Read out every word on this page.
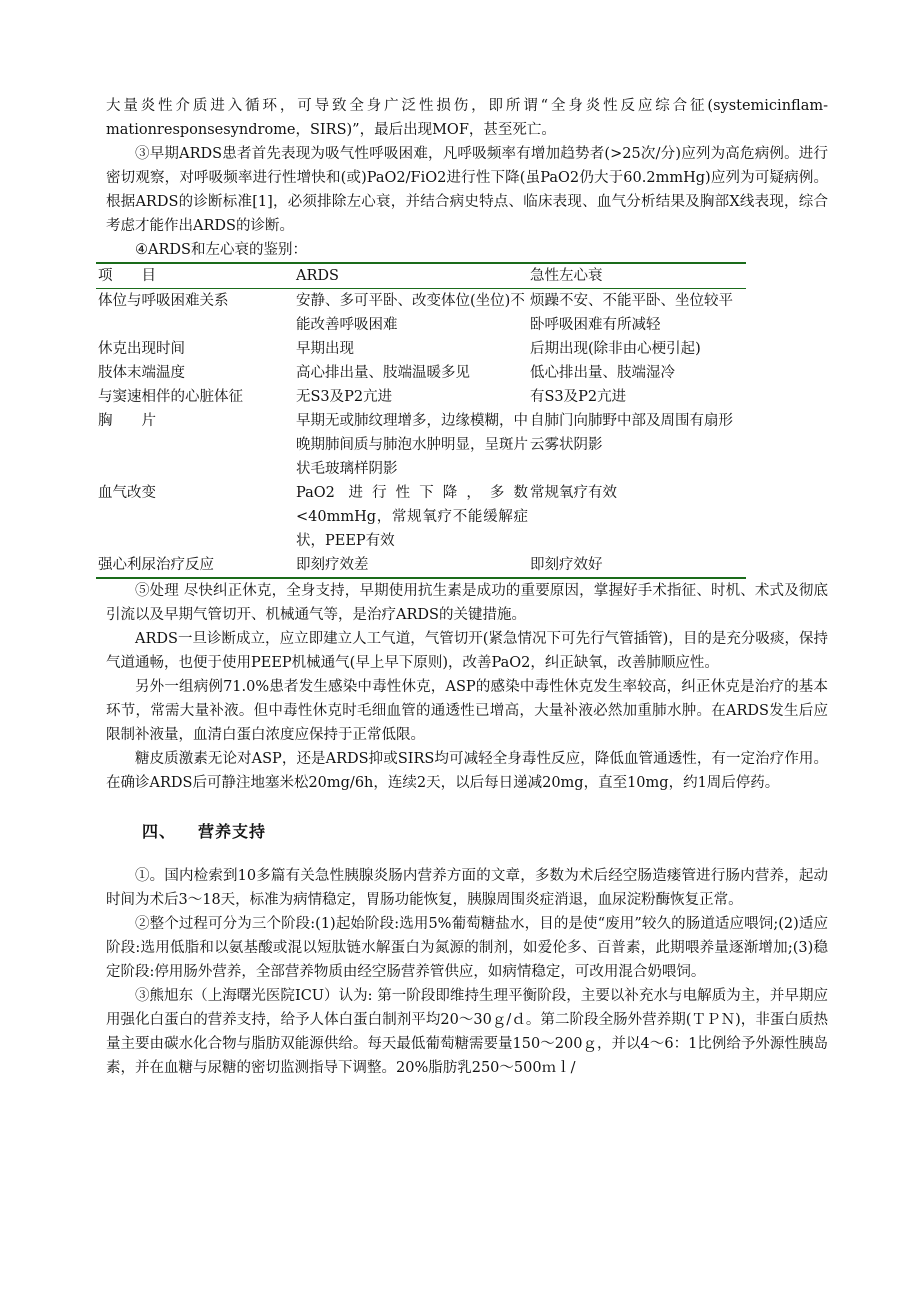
大量炎性介质进入循环，可导致全身广泛性损伤，即所谓“全身炎性反应综合征(systemicinflam-mationresponsesyndrome，SIRS)”，最后出现MOF，甚至死亡。

③早期ARDS患者首先表现为吸气性呼吸困难，凡呼吸频率有增加趋势者(>25次/分)应列为高危病例。进行密切观察，对呼吸频率进行性增快和(或)PaO2/FiO2进行性下降(虽PaO2仍大于60.2mmHg)应列为可疑病例。根据ARDS的诊断标准[1]，必须排除左心衰，并结合病史特点、临床表现、血气分析结果及胸部X线表现，综合考虑才能作出ARDS的诊断。

④ARDS和左心衰的鉴别：
项　　目	ARDS	急性左心衰
体位与呼吸困难关系	安静、多可平卧、改变体位(坐位)不能改善呼吸困难	烦躁不安、不能平卧、坐位较平卧呼吸困难有所减轻
休克出现时间	早期出现	后期出现(除非由心梗引起)
肢体末端温度	高心排出量、肢端温暖多见	低心排出量、肢端湿冷
与窦速相伴的心脏体征	无S3及P2亢进	有S3及P2亢进
胸　　片	早期无或肺纹理增多，边缘模糊，中晚期肺间质与肺泡水肿明显，呈斑片状毛玻璃样阴影	自肺门向肺野中部及周围有扇形云雾状阴影
血气改变	PaO2 进行性下降，多数<40mmHg，常规氧疗不能缓解症状，PEEP有效	常规氧疗有效
强心利尿治疗反应	即刻疗效差	即刻疗效好

⑤处理 尽快纠正休克，全身支持，早期使用抗生素是成功的重要原因，掌握好手术指征、时机、术式及彻底引流以及早期气管切开、机械通气等，是治疗ARDS的关键措施。

ARDS一旦诊断成立，应立即建立人工气道，气管切开(紧急情况下可先行气管插管)，目的是充分吸痰，保持气道通畅，也便于使用PEEP机械通气(早上早下原则)，改善PaO2，纠正缺氧，改善肺顺应性。

另外一组病例71.0%患者发生感染中毒性休克，ASP的感染中毒性休克发生率较高，纠正休克是治疗的基本环节，常需大量补液。但中毒性休克时毛细血管的通透性已增高，大量补液必然加重肺水肿。在ARDS发生后应限制补液量，血清白蛋白浓度应保持于正常低限。

糖皮质激素无论对ASP，还是ARDS抑或SIRS均可减轻全身毒性反应，降低血管通透性，有一定治疗作用。在确诊ARDS后可静注地塞米松20mg/6h，连续2天，以后每日递减20mg，直至10mg，约1周后停药。

四、 营养支持

①。国内检索到10多篇有关急性胰腺炎肠内营养方面的文章，多数为术后经空肠造瘘管进行肠内营养，起动时间为术后3～18天，标准为病情稳定，胃肠功能恢复，胰腺周围炎症消退，血尿淀粉酶恢复正常。

②整个过程可分为三个阶段:(1)起始阶段:选用5%葡萄糖盐水，目的是使“废用”较久的肠道适应喂饲;(2)适应阶段:选用低脂和以氨基酸或混以短肽链水解蛋白为氮源的制剂，如爱伦多、百普素，此期喂养量逐渐增加;(3)稳定阶段:停用肠外营养，全部营养物质由经空肠营养管供应，如病情稳定，可改用混合奶喂饲。

③熊旭东（上海曙光医院ICU）认为: 第一阶段即维持生理平衡阶段，主要以补充水与电解质为主，并早期应用强化白蛋白的营养支持，给予人体白蛋白制剂平均20～30ｇ/ｄ。第二阶段全肠外营养期(ＴＰＮ)，非蛋白质热量主要由碳水化合物与脂肪双能源供给。每天最低葡萄糖需要量150～200ｇ，并以4～6：1比例给予外源性胰岛素，并在血糖与尿糖的密切监测指导下调整。20%脂肪乳250～500ｍｌ/
